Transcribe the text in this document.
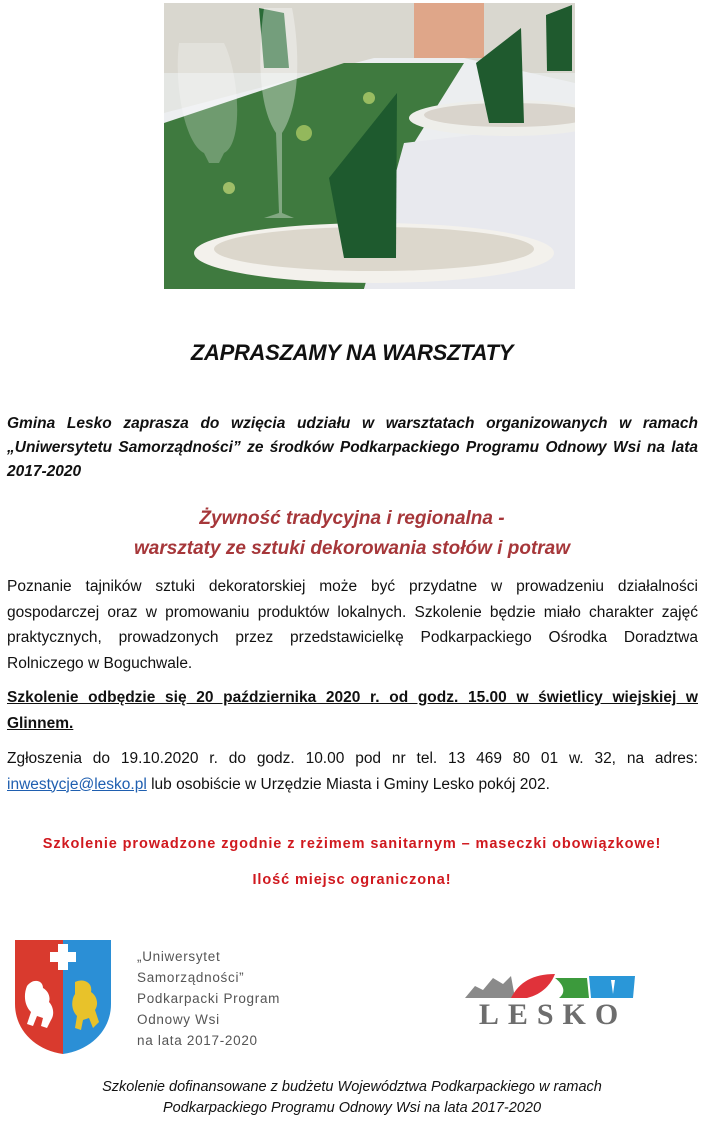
ZAPRASZAMY NA WARSZTATY

Gmina Lesko zaprasza do wzięcia udziału w warsztatach organizowanych w ramach „Uniwersytetu Samorządności” ze środków Podkarpackiego Programu Odnowy Wsi na lata 2017-2020

Żywność tradycyjna i regionalna -
warsztaty ze sztuki dekorowania stołów i potraw

Poznanie tajników sztuki dekoratorskiej może być przydatne w prowadzeniu działalności gospodarczej oraz w promowaniu produktów lokalnych. Szkolenie będzie miało charakter zajęć praktycznych, prowadzonych przez przedstawicielkę Podkarpackiego Ośrodka Doradztwa Rolniczego w Boguchwale.

Szkolenie odbędzie się 20 października 2020 r. od godz. 15.00 w świetlicy wiejskiej w Glinnem.

Zgłoszenia do 19.10.2020 r. do godz. 10.00 pod nr tel. 13 469 80 01 w. 32, na adres: inwestycje@lesko.pl lub osobiście w Urzędzie Miasta i Gminy Lesko pokój 202.

Szkolenie prowadzone zgodnie z reżimem sanitarnym – maseczki obowiązkowe!
Ilość miejsc ograniczona!
„Uniwersytet
Samorządności”
Podkarpacki Program
Odnowy Wsi
na lata 2017-2020
LESKO
Szkolenie dofinansowane z budżetu Województwa Podkarpackiego w ramach
Podkarpackiego Programu Odnowy Wsi na lata 2017-2020
